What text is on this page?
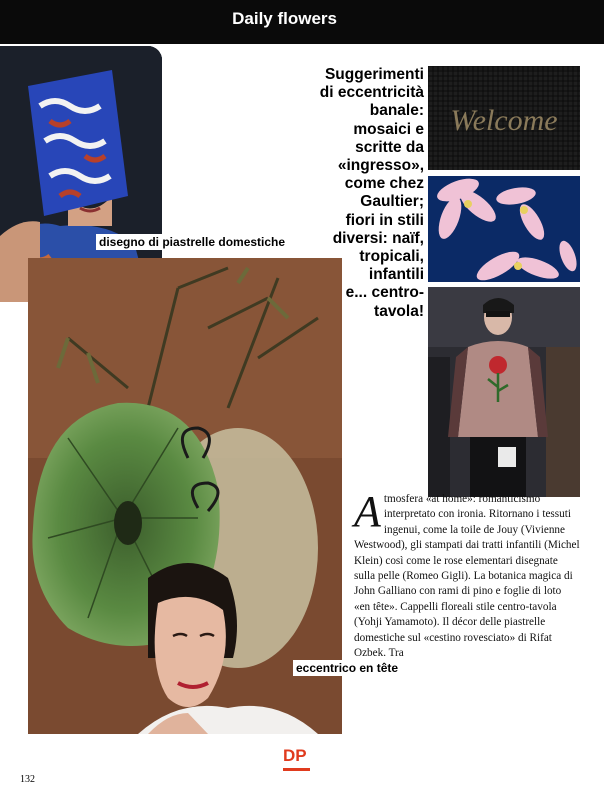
Daily flowers
disegno di piastrelle domestiche
eccentrico en tête
Suggerimenti
di eccentricità
banale:
mosaici e
scritte da
«ingresso»,
come chez
Gaultier;
fiori in stili
diversi: naïf,
tropicali,
infantili
e... centro-
tavola!
Welcome
Atmosfera «at home»: romanticismo interpretato con ironia. Ritornano i tessuti ingenui, come la toile de Jouy (Vivienne Westwood), gli stampati dai tratti infantili (Michel Klein) così come le rose elementari disegnate sulla pelle (Romeo Gigli). La botanica magica di John Galliano con rami di pino e foglie di loto «en tête». Cappelli floreali stile centro-tavola (Yohji Yamamoto). Il décor delle piastrelle domestiche sul «cestino rovesciato» di Rifat Ozbek. Tra
DP
132
